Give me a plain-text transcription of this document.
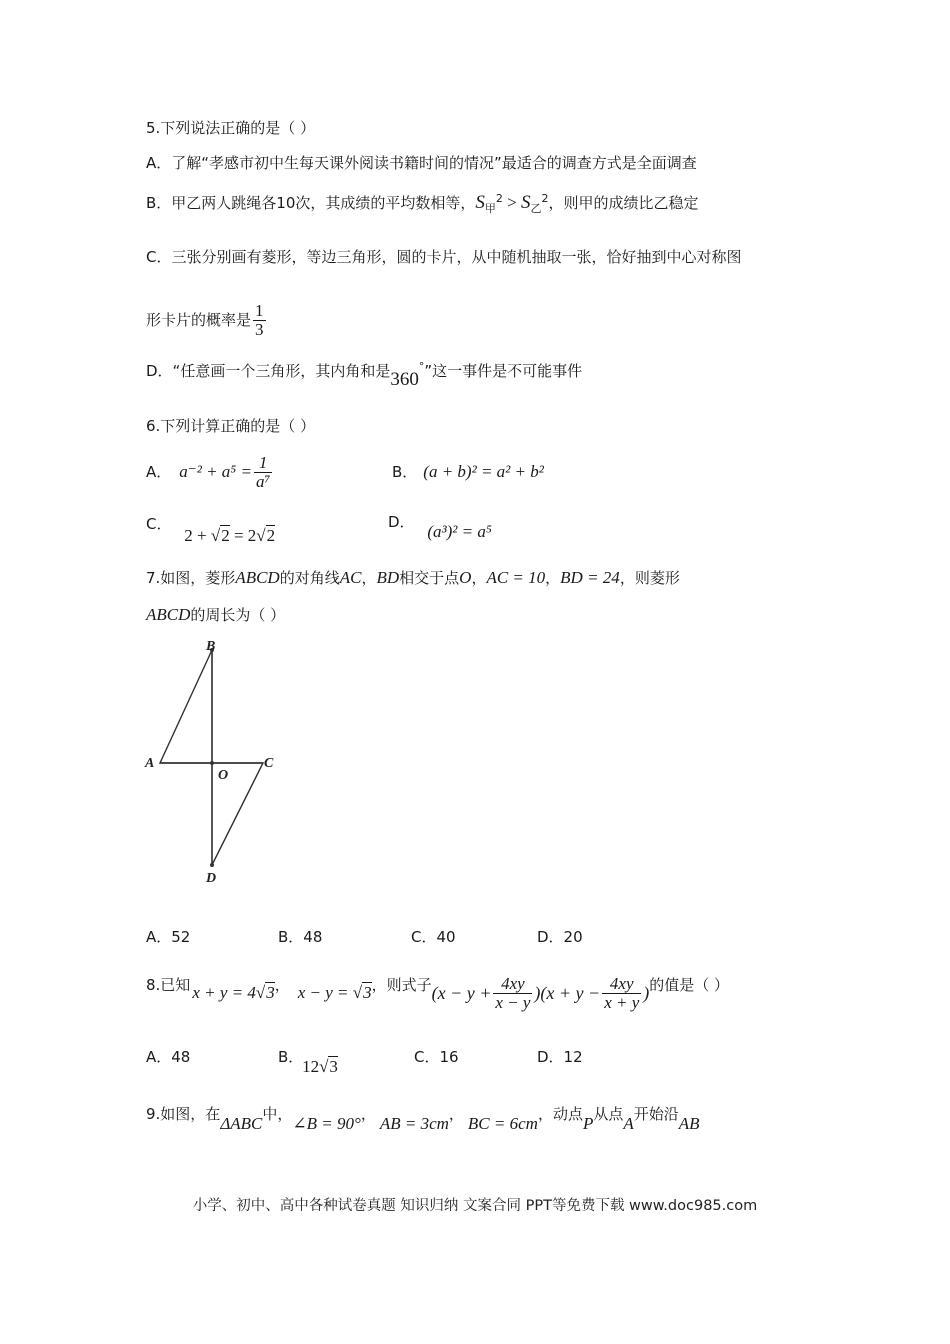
5.下列说法正确的是（ ）
A．了解“孝感市初中生每天课外阅读书籍时间的情况”最适合的调查方式是全面调查
B．甲乙两人跳绳各10次，其成绩的平均数相等，$S_甲^2 > S_乙^2$，则甲的成绩比乙稳定
C．三张分别画有菱形，等边三角形，圆的卡片，从中随机抽取一张，恰好抽到中心对称图
形卡片的概率是 $\frac{1}{3}$
D．“任意画一个三角形，其内角和是360°”这一事件是不可能事件
6.下列计算正确的是（ ）
A． $a^{-2} + a^5 = \frac{1}{\text{a⁷}}$	B． (a + b)² = a² + b²
C． 2 + √2 = 2√2
D． (a³)² = a⁵
7.如图，菱形ABCD的对角线AC，BD相交于点O，AC = 10，BD = 24，则菱形
ABCD的周长为（ ）
B
A
O
C
D
A．52	B．48	C．40	D．20
8.已知 x + y = 4√3 ， x − y = √3 ，则式子 $(x - y + \frac{4xy}{x - y} )(x + y - \frac{4xy}{x + y}$ ) 的值是（ ）
A．48	B． 12√3	C．16	D．12
9.如图，在ΔABC中，∠B = 90°， AB = 3cm， BC = 6cm，动点P从点A开始沿AB
小学、初中、高中各种试卷真题 知识归纳 文案合同 PPT等免费下载 www.doc985.com
